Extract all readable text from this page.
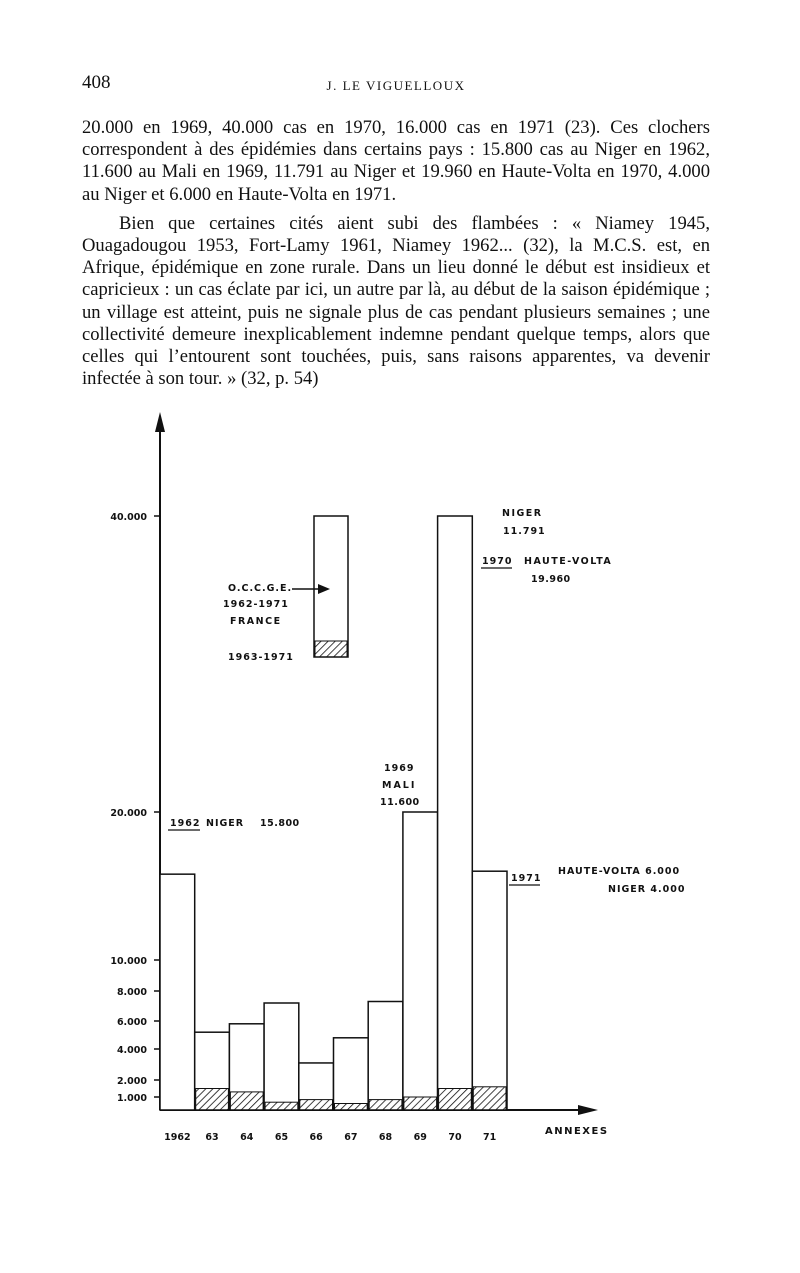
408	J. LE VIGUELLOUX

20.000 en 1969, 40.000 cas en 1970, 16.000 cas en 1971 (23). Ces clochers correspondent à des épidémies dans certains pays : 15.800 cas au Niger en 1962, 11.600 au Mali en 1969, 11.791 au Niger et 19.960 en Haute-Volta en 1970, 4.000 au Niger et 6.000 en Haute-Volta en 1971.

Bien que certaines cités aient subi des flambées : « Niamey 1945, Ouagadougou 1953, Fort-Lamy 1961, Niamey 1962... (32), la M.C.S. est, en Afrique, épidémique en zone rurale. Dans un lieu donné le début est insidieux et capricieux : un cas éclate par ici, un autre par là, au début de la saison épidémique ; un village est atteint, puis ne signale plus de cas pendant plusieurs semaines ; une collectivité demeure inexplicablement indemne pendant quelque temps, alors que celles qui l’entourent sont touchées, puis, sans raisons apparentes, va devenir infectée à son tour. » (32, p. 54)

1.000
2.000
4.000
6.000
8.000
10.000
20.000
40.000
1962 63 64 65 66 67 68 69 70 71
ANNEXES
O.C.C.G.E.
1962-1971
FRANCE
1963-1971
1962 NIGER 15.800
1969
MALI
11.600
NIGER
11.791
1970 HAUTE-VOLTA
19.960
1971
HAUTE-VOLTA 6.000
NIGER 4.000
